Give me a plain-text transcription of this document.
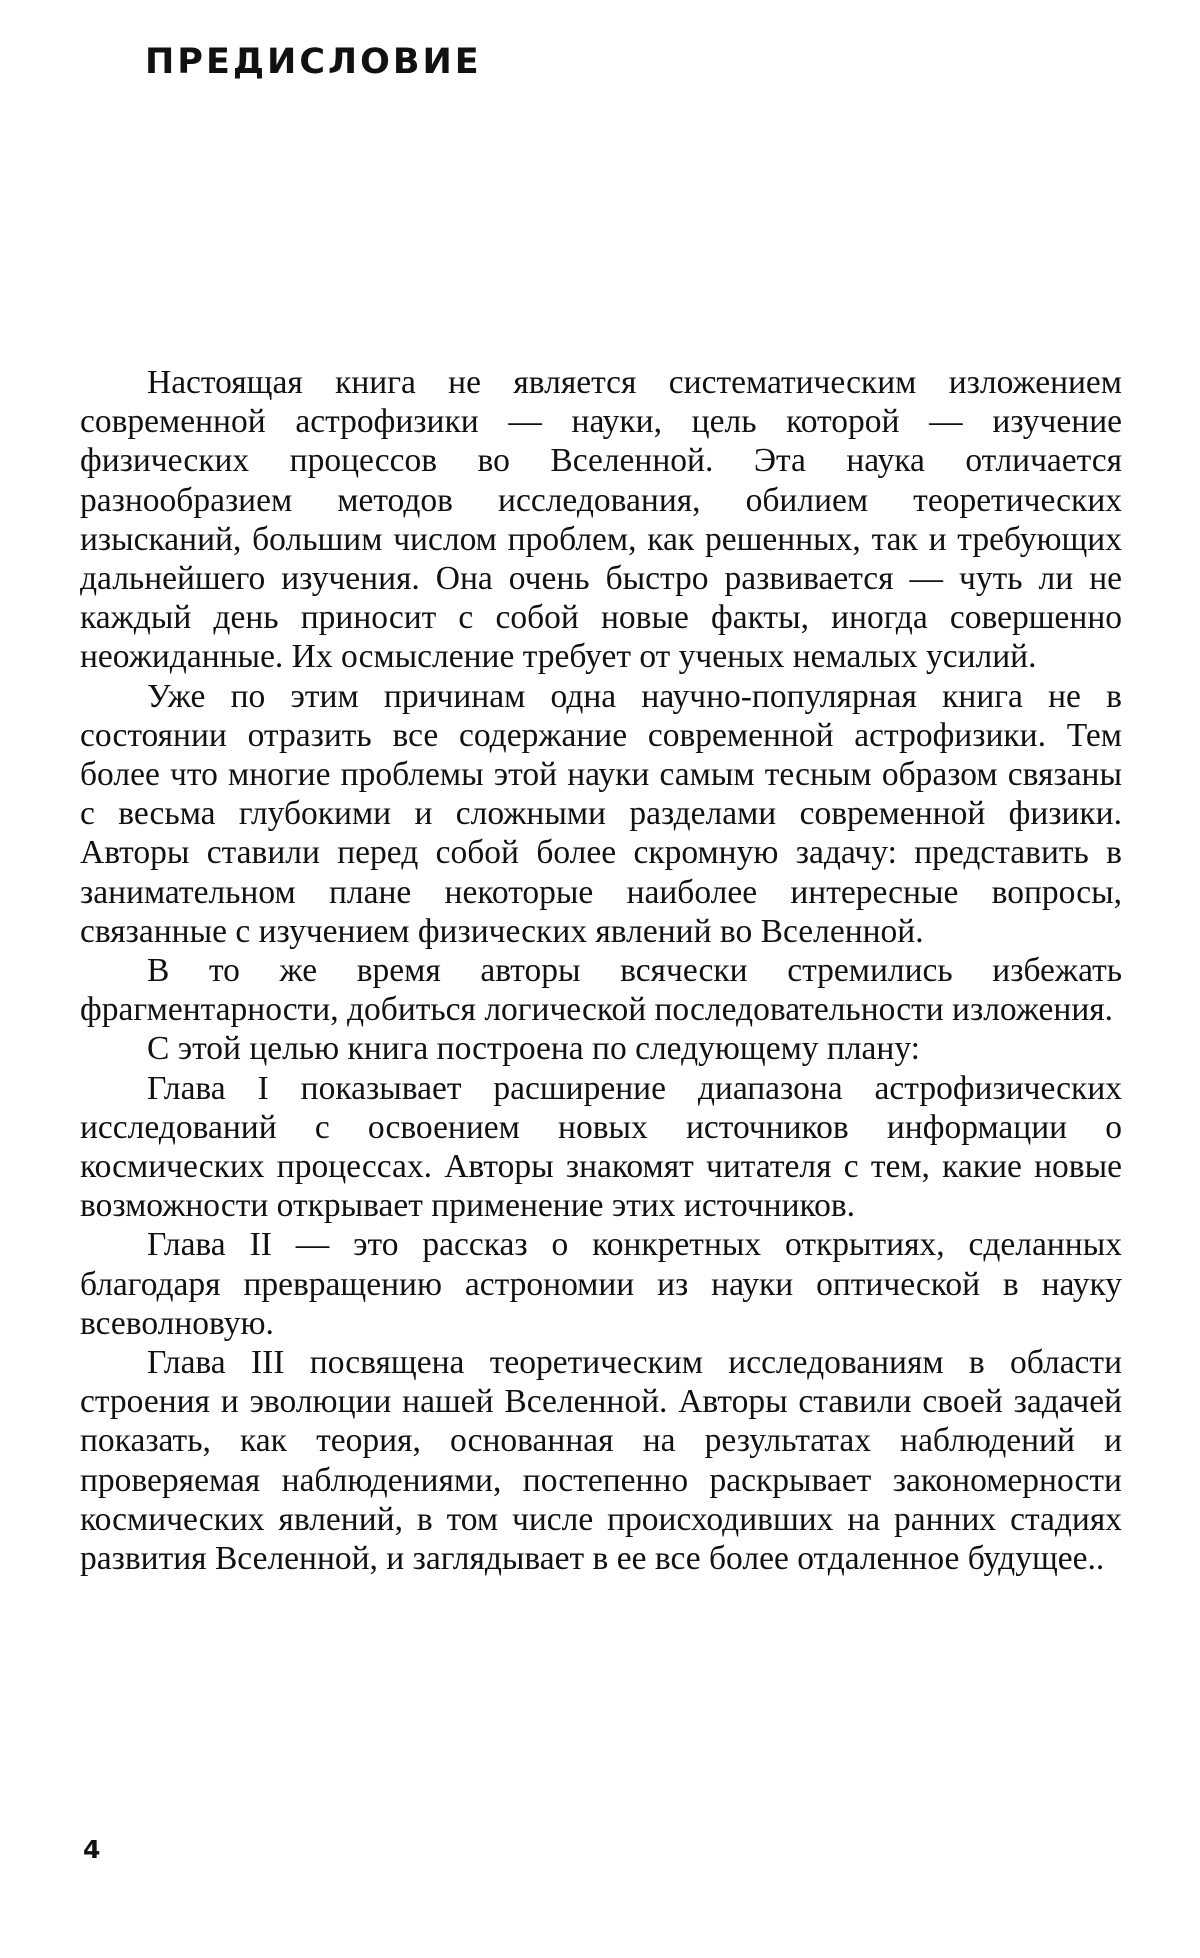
ПРЕДИСЛОВИЕ

Настоящая книга не является систематическим изложением современной астрофизики — науки, цель которой — изучение физических процессов во Вселенной. Эта наука отличается разнообразием методов исследования, обилием теоретических изысканий, большим числом проблем, как решенных, так и требующих дальнейшего изучения. Она очень быстро развивается — чуть ли не каждый день приносит с собой новые факты, иногда совершенно неожиданные. Их осмысление требует от ученых немалых усилий.

Уже по этим причинам одна научно-популярная книга не в состоянии отразить все содержание современной астрофизики. Тем более что многие проблемы этой науки самым тесным образом связаны с весьма глубокими и сложными разделами современной физики. Авторы ставили перед собой более скромную задачу: представить в занимательном плане некоторые наиболее интересные вопросы, связанные с изучением физических явлений во Вселенной.

В то же время авторы всячески стремились избежать фрагментарности, добиться логической последовательности изложения.

С этой целью книга построена по следующему плану:

Глава I показывает расширение диапазона астрофизических исследований с освоением новых источников информации о космических процессах. Авторы знакомят читателя с тем, какие новые возможности открывает применение этих источников.

Глава II — это рассказ о конкретных открытиях, сделанных благодаря превращению астрономии из науки оптической в науку всеволновую.

Глава III посвящена теоретическим исследованиям в области строения и эволюции нашей Вселенной. Авторы ставили своей задачей показать, как теория, основанная на результатах наблюдений и проверяемая наблюдениями, постепенно раскрывает закономерности космических явлений, в том числе происходивших на ранних стадиях развития Вселенной, и заглядывает в ее все более отдаленное будущее..

4
